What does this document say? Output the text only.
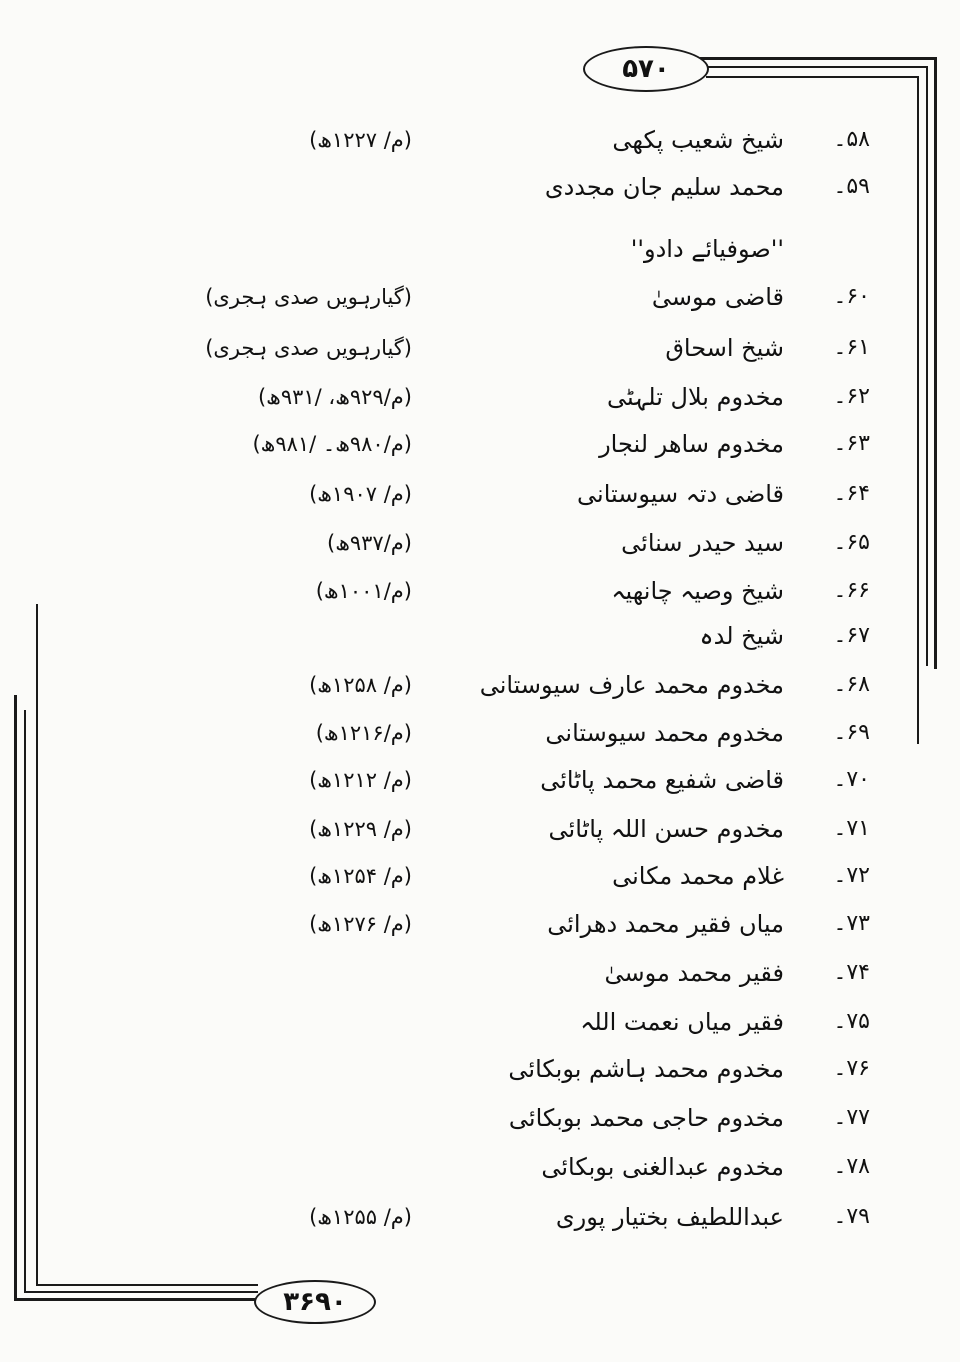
۵۷۰
۳۶۹۰
۵۸۔
شیخ شعیب پکھی
(م/ ۱۲۲۷ھ)
۵۹۔
محمد سلیم جان مجددی
''صوفیائے دادو''
۶۰۔
قاضی موسیٰ
(گیارہویں صدی ہجری)
۶۱۔
شیخ اسحاق
(گیارہویں صدی ہجری)
۶۲۔
مخدوم بلال تلہٹی
(م/۹۲۹ھ، /۹۳۱ھ)
۶۳۔
مخدوم ساھر لنجار
(م/۹۸۰ھ۔ /۹۸۱ھ)
۶۴۔
قاضی دتہ سیوستانی
(م/ ۱۹۰۷ھ)
۶۵۔
سید حیدر سنائی
(م/۹۳۷ھ)
۶۶۔
شیخ وصیہ چانھیہ
(م/۱۰۰۱ھ)
۶۷۔
شیخ لدہ
۶۸۔
مخدوم محمد عارف سیوستانی
(م/ ۱۲۵۸ھ)
۶۹۔
مخدوم محمد سیوستانی
(م/۱۲۱۶ھ)
۷۰۔
قاضی شفیع محمد پاٹائی
(م/ ۱۲۱۲ھ)
۷۱۔
مخدوم حسن اللہ پاٹائی
(م/ ۱۲۲۹ھ)
۷۲۔
غلام محمد مکانی
(م/ ۱۲۵۴ھ)
۷۳۔
میاں فقیر محمد دھرائی
(م/ ۱۲۷۶ھ)
۷۴۔
فقیر محمد موسیٰ
۷۵۔
فقیر میاں نعمت اللہ
۷۶۔
مخدوم محمد ہاشم بوبکائی
۷۷۔
مخدوم حاجی محمد بوبکائی
۷۸۔
مخدوم عبدالغنی بوبکائی
۷۹۔
عبداللطیف بختیار پوری
(م/ ۱۲۵۵ھ)
